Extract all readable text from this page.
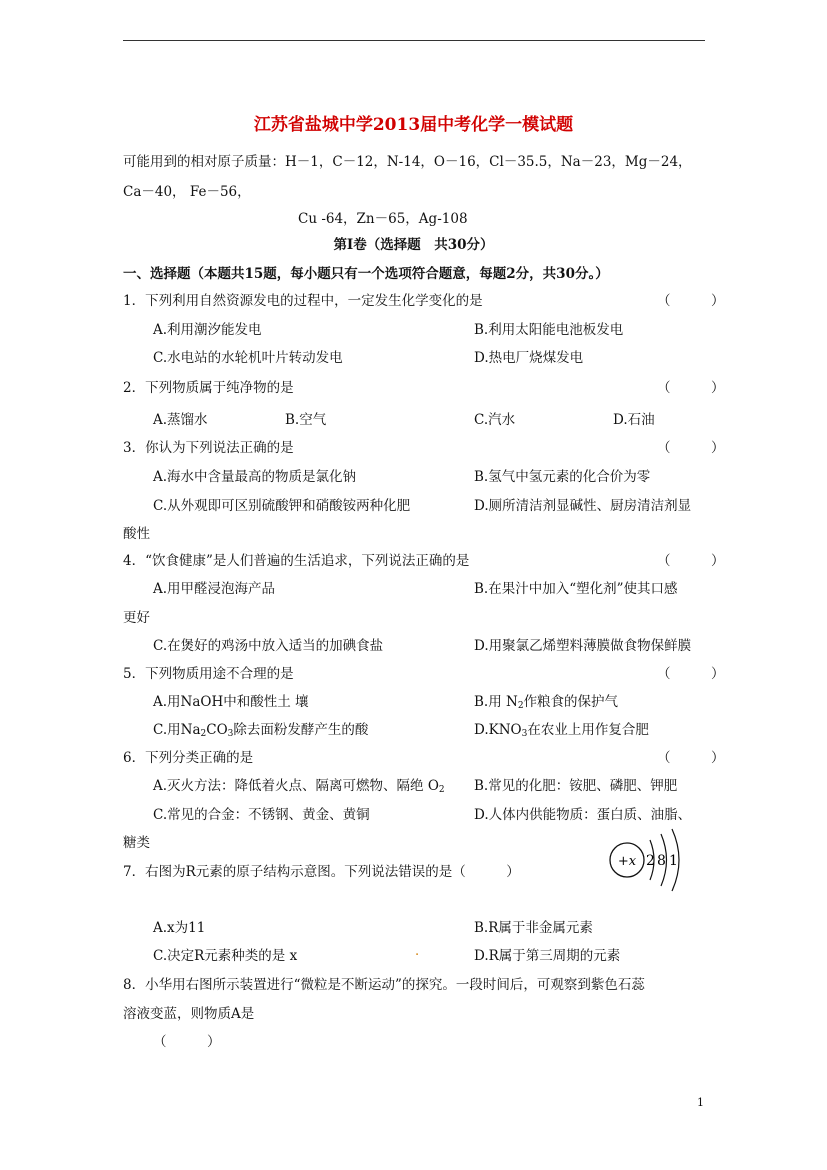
江苏省盐城中学2013届中考化学一模试题
可能用到的相对原子质量：H－1，C－12，N-14，O－16，Cl－35.5，Na－23，Mg－24，
Ca－40， Fe－56，
Cu -64，Zn－65，Ag-108
第Ⅰ卷（选择题　共30分）
一、选择题（本题共15题，每小题只有一个选项符合题意，每题2分，共30分。）
1．下列利用自然资源发电的过程中，一定发生化学变化的是	（　　　）
A.利用潮汐能发电	B.利用太阳能电池板发电
C.水电站的水轮机叶片转动发电	D.热电厂烧煤发电
2．下列物质属于纯净物的是	（　　　）
A.蒸馏水	B.空气	C.汽水	D.石油
3．你认为下列说法正确的是	（　　　）
A.海水中含量最高的物质是氯化钠	B.氢气中氢元素的化合价为零
C.从外观即可区别硫酸钾和硝酸铵两种化肥	D.厕所清洁剂显碱性、厨房清洁剂显
酸性
4．“饮食健康”是人们普遍的生活追求，下列说法正确的是	（　　　）
A.用甲醛浸泡海产品	B.在果汁中加入“塑化剂”使其口感
更好
C.在煲好的鸡汤中放入适当的加碘食盐	D.用聚氯乙烯塑料薄膜做食物保鲜膜
5．下列物质用途不合理的是	（　　　）
A.用NaOH中和酸性土 壤	B.用 $N_2$作粮食的保护气
C.用$Na_2CO_3$除去面粉发酵产生的酸	$D.KNO_3$在农业上用作复合肥
6．下列分类正确的是	（　　　）
A.灭火方法：降低着火点、隔离可燃物、隔绝 $O_2$ B.常见的化肥：铵肥、磷肥、钾肥
C.常见的合金：不锈钢、黄金、黄铜	D.人体内供能物质：蛋白质、油脂、
糖类
7．右图为R元素的原子结构示意图。下列说法错误的是（　　　）
+x 2 8 1
A.x为11	B.R属于非金属元素
C.决定R元素种类的是 x	.	D.R属于第三周期的元素
8．小华用右图所示装置进行“微粒是不断运动”的探究。一段时间后，可观察到紫色石蕊
溶液变蓝，则物质A是
（　　　）
1
